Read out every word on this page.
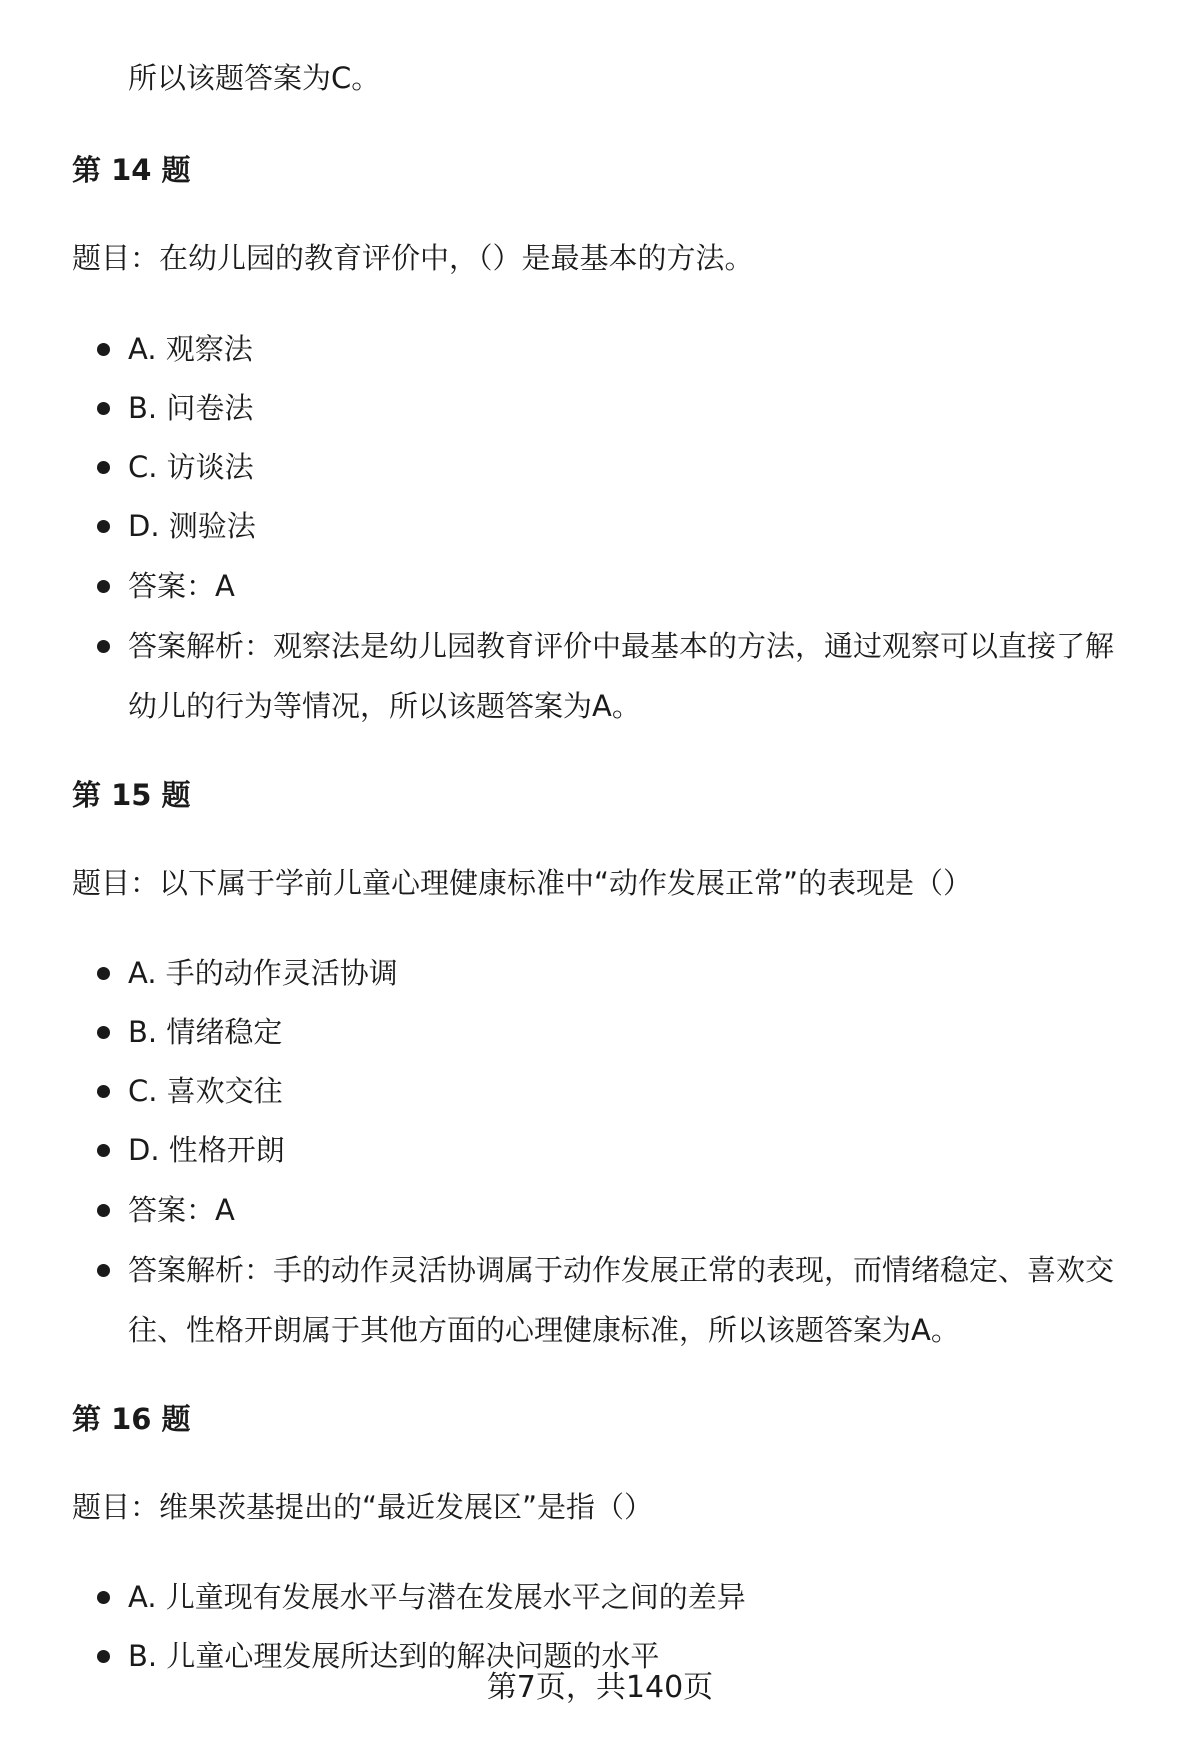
所以该题答案为C。
第 14 题
题目：在幼儿园的教育评价中，（）是最基本的方法。
A. 观察法
B. 问卷法
C. 访谈法
D. 测验法
答案：A
答案解析：观察法是幼儿园教育评价中最基本的方法，通过观察可以直接了解
幼儿的行为等情况，所以该题答案为A。
第 15 题
题目：以下属于学前儿童心理健康标准中“动作发展正常”的表现是（）
A. 手的动作灵活协调
B. 情绪稳定
C. 喜欢交往
D. 性格开朗
答案：A
答案解析：手的动作灵活协调属于动作发展正常的表现，而情绪稳定、喜欢交
往、性格开朗属于其他方面的心理健康标准，所以该题答案为A。
第 16 题
题目：维果茨基提出的“最近发展区”是指（）
A. 儿童现有发展水平与潜在发展水平之间的差异
B. 儿童心理发展所达到的解决问题的水平
第7页，共140页
